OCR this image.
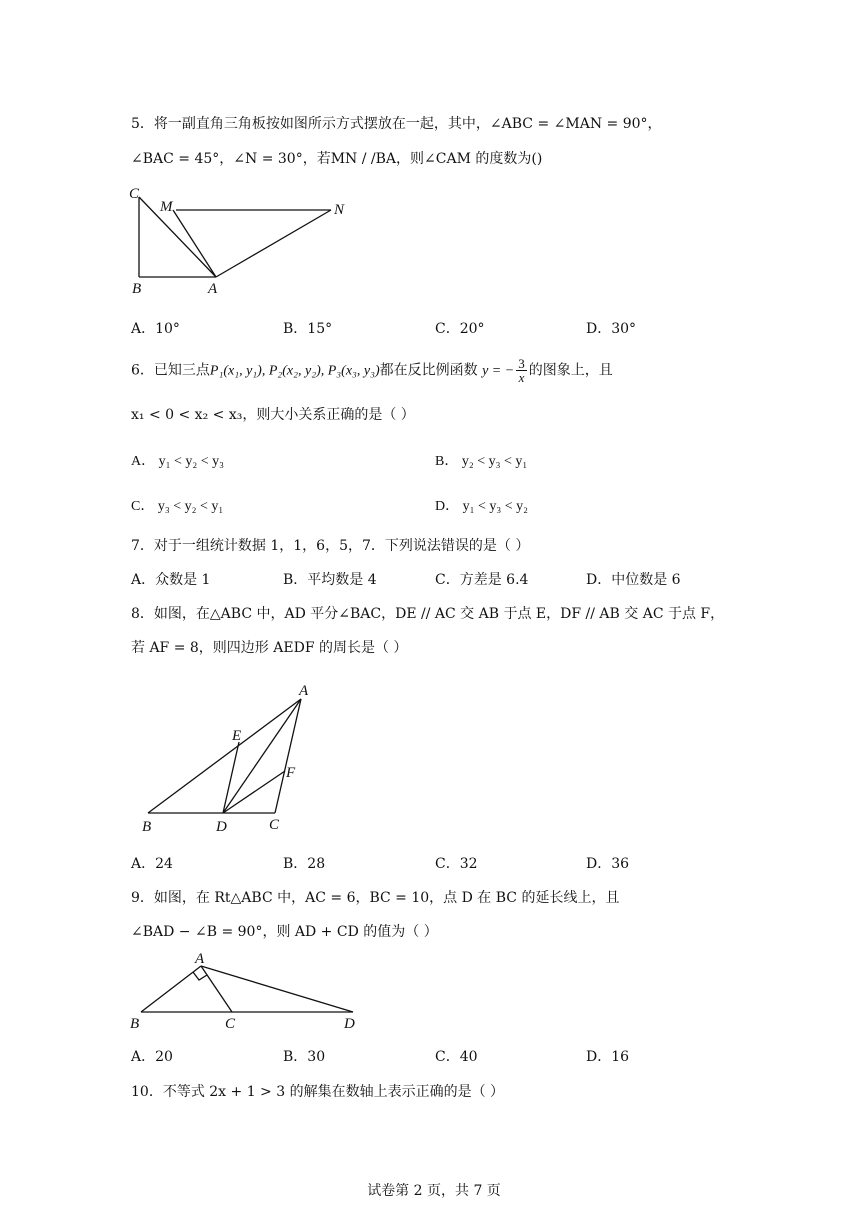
5．将一副直角三角板按如图所示方式摆放在一起，其中，∠ABC = ∠MAN = 90°，
∠BAC = 45°，∠N = 30°，若MN / /BA，则∠CAM 的度数为()
C
M	N
B	A
A．10°	B．15°	C．20°	D．30°
6．已知三点P₁(x₁, y₁), P₂(x₂, y₂), P₃(x₃, y₃)都在反比例函数 y = − $\frac{3}{x}$ 的图象上，且
x₁ < 0 < x₂ < x₃，则大小关系正确的是（ ）
A． y₁ < y₂ < y₃	B． y₂ < y₃ < y₁
C． y₃ < y₂ < y₁	D． y₁ < y₃ < y₂
7．对于一组统计数据 1，1，6，5，7．下列说法错误的是（ ）
A．众数是 1	B．平均数是 4	C．方差是 6.4	D．中位数是 6
8．如图，在△ABC 中，AD 平分∠BAC，DE // AC 交 AB 于点 E，DF // AB 交 AC 于点 F，
若 AF = 8，则四边形 AEDF 的周长是（ ）
A
E
F
B	D	C
A．24	B．28	C．32	D．36
9．如图，在 Rt△ABC 中，AC = 6，BC = 10，点 D 在 BC 的延长线上，且
∠BAD − ∠B = 90°，则 AD + CD 的值为（ ）
A
B	C	D
A．20	B．30	C．40	D．16
10．不等式 2x + 1 > 3 的解集在数轴上表示正确的是（ ）
试卷第 2 页，共 7 页
